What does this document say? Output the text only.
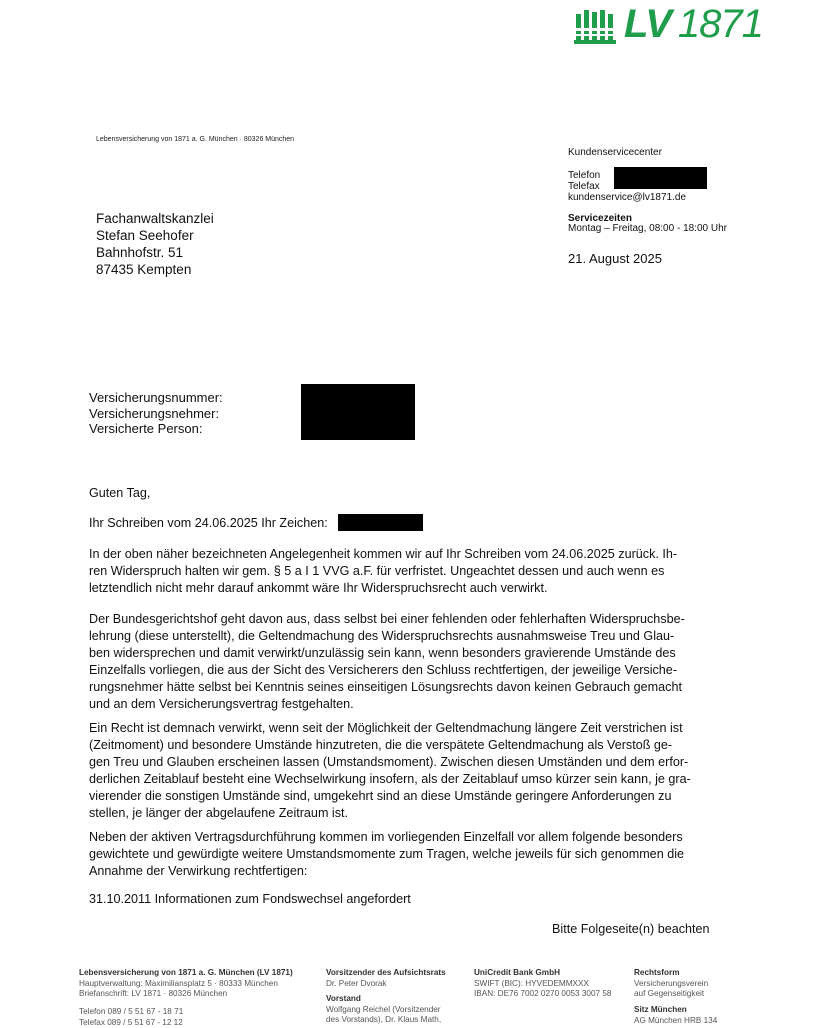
LV  1871
Lebensversicherung von 1871 a. G. München · 80326 München
Kundenservicecenter
Telefon
Telefax
kundenservice@lv1871.de
Servicezeiten
Montag – Freitag, 08:00 - 18:00 Uhr
Fachanwaltskanzlei
Stefan Seehofer
Bahnhofstr. 51
87435 Kempten
21. August 2025
Versicherungsnummer:
Versicherungsnehmer:
Versicherte Person:
Guten Tag,
Ihr Schreiben vom 24.06.2025 Ihr Zeichen:
In der oben näher bezeichneten Angelegenheit kommen wir auf Ihr Schreiben vom 24.06.2025 zurück. Ih-
ren Widerspruch halten wir gem. § 5 a I 1 VVG a.F. für verfristet. Ungeachtet dessen und auch wenn es
letztendlich nicht mehr darauf ankommt wäre Ihr Widerspruchsrecht auch verwirkt.
Der Bundesgerichtshof geht davon aus, dass selbst bei einer fehlenden oder fehlerhaften Widerspruchsbe-
lehrung (diese unterstellt), die Geltendmachung des Widerspruchsrechts ausnahmsweise Treu und Glau-
ben widersprechen und damit verwirkt/unzulässig sein kann, wenn besonders gravierende Umstände des
Einzelfalls vorliegen, die aus der Sicht des Versicherers den Schluss rechtfertigen, der jeweilige Versiche-
rungsnehmer hätte selbst bei Kenntnis seines einseitigen Lösungsrechts davon keinen Gebrauch gemacht
und an dem Versicherungsvertrag festgehalten.
Ein Recht ist demnach verwirkt, wenn seit der Möglichkeit der Geltendmachung längere Zeit verstrichen ist
(Zeitmoment) und besondere Umstände hinzutreten, die die verspätete Geltendmachung als Verstoß ge-
gen Treu und Glauben erscheinen lassen (Umstandsmoment). Zwischen diesen Umständen und dem erfor-
derlichen Zeitablauf besteht eine Wechselwirkung insofern, als der Zeitablauf umso kürzer sein kann, je gra-
vierender die sonstigen Umstände sind, umgekehrt sind an diese Umstände geringere Anforderungen zu
stellen, je länger der abgelaufene Zeitraum ist.
Neben der aktiven Vertragsdurchführung kommen im vorliegenden Einzelfall vor allem folgende besonders
gewichtete und gewürdigte weitere Umstandsmomente zum Tragen, welche jeweils für sich genommen die
Annahme der Verwirkung rechtfertigen:
31.10.2011 Informationen zum Fondswechsel angefordert
Bitte Folgeseite(n) beachten
Lebensversicherung von 1871 a. G. München (LV 1871)
Hauptverwaltung: Maximiliansplatz 5 · 80333 München
Briefanschrift: LV 1871 · 80326 München
Telefon 089 / 5 51 67 - 18 71
Telefax 089 / 5 51 67 - 12 12
Vorsitzender des Aufsichtsrats
Dr. Peter Dvorak
Vorstand
Wolfgang Reichel (Vorsitzender
des Vorstands), Dr. Klaus Math,
UniCredit Bank GmbH
SWIFT (BIC): HYVEDEMMXXX
IBAN: DE76 7002 0270 0053 3007 58
Rechtsform
Versicherungsverein
auf Gegenseitigkeit
Sitz München
AG München HRB 134
